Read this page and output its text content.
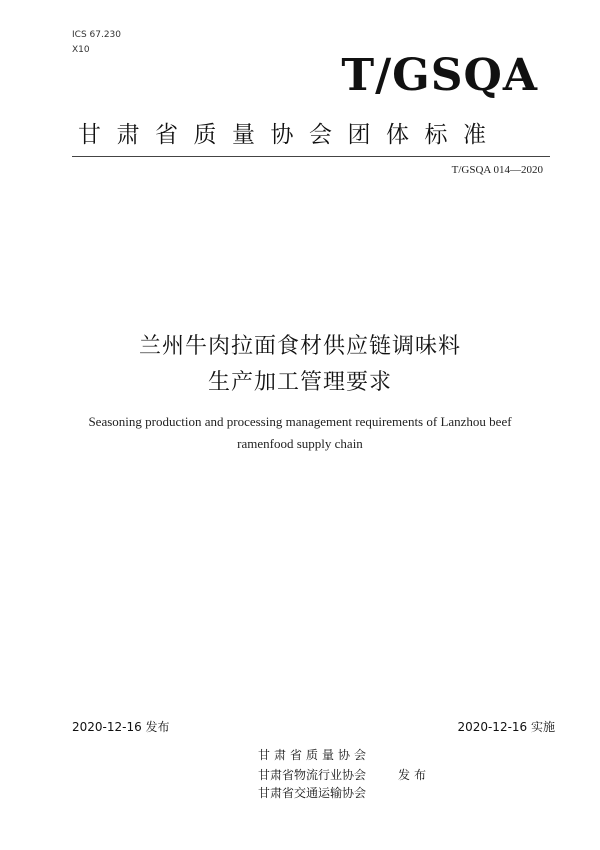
ICS 67.230
X10	T/GSQA
甘肃省质量协会团体标准
T/GSQA 014—2020
兰州牛肉拉面食材供应链调味料
生产加工管理要求
Seasoning production and processing management requirements of Lanzhou beef
ramenfood supply chain
2020-12-16 发布	2020-12-16 实施
甘肃省质量协会
甘肃省物流行业协会
甘肃省交通运输协会
发布
